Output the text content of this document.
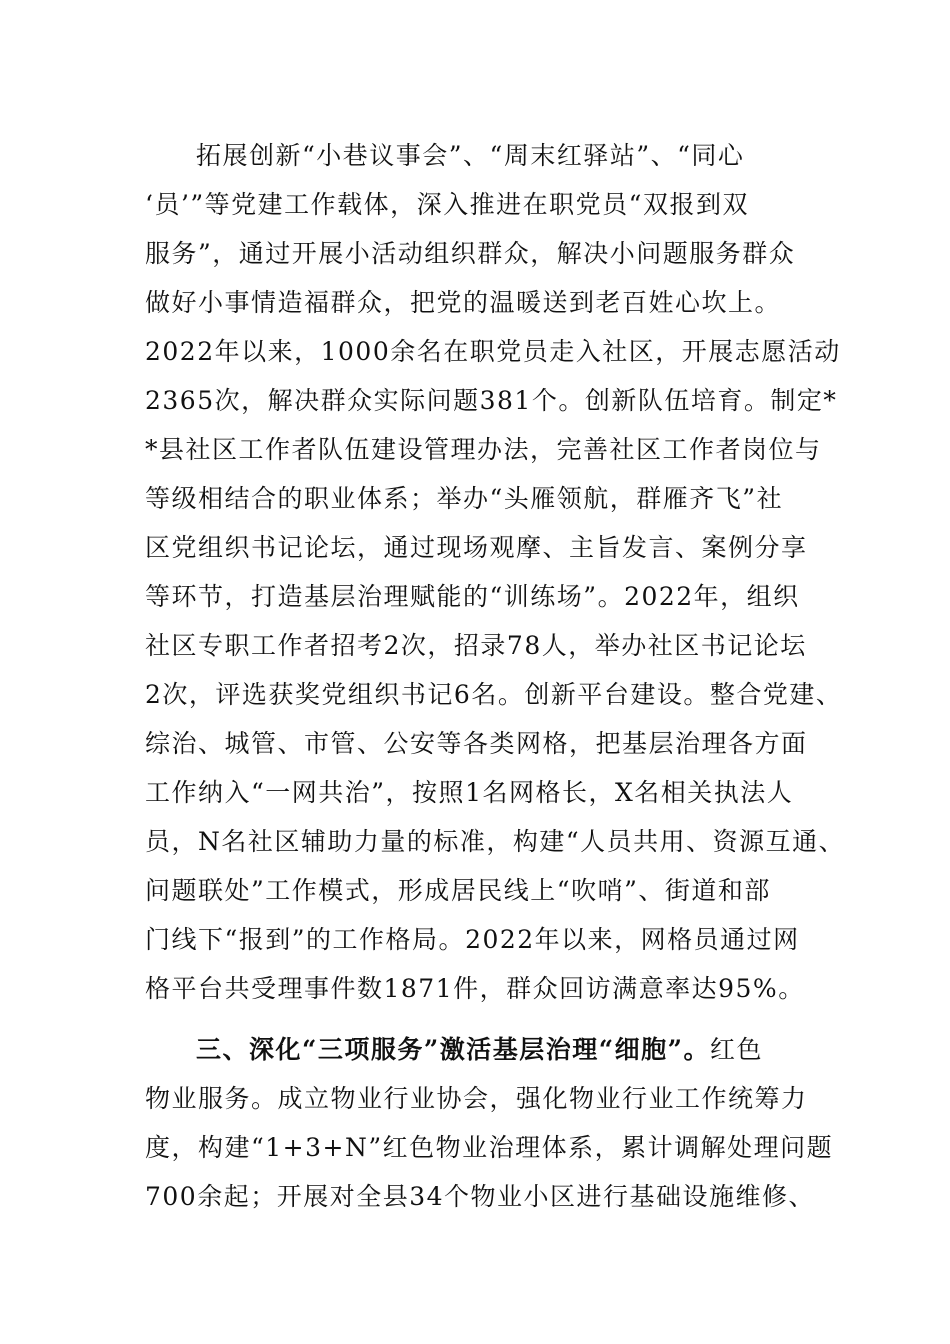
拓展创新“小巷议事会”、“周末红驿站”、“同心
‘员’”等党建工作载体，深入推进在职党员“双报到双
服务”，通过开展小活动组织群众，解决小问题服务群众
做好小事情造福群众，把党的温暖送到老百姓心坎上。
2022年以来，1000余名在职党员走入社区，开展志愿活动
2365次，解决群众实际问题381个。创新队伍培育。制定*
*县社区工作者队伍建设管理办法，完善社区工作者岗位与
等级相结合的职业体系；举办“头雁领航，群雁齐飞”社
区党组织书记论坛，通过现场观摩、主旨发言、案例分享
等环节，打造基层治理赋能的“训练场”。2022年，组织
社区专职工作者招考2次，招录78人，举办社区书记论坛
2次，评选获奖党组织书记6名。创新平台建设。整合党建、
综治、城管、市管、公安等各类网格，把基层治理各方面
工作纳入“一网共治”，按照1名网格长，X名相关执法人
员，N名社区辅助力量的标准，构建“人员共用、资源互通、
问题联处”工作模式，形成居民线上“吹哨”、街道和部
门线下“报到”的工作格局。2022年以来，网格员通过网
格平台共受理事件数1871件，群众回访满意率达95%。
三、深化“三项服务”激活基层治理“细胞”。红色
物业服务。成立物业行业协会，强化物业行业工作统筹力
度，构建“1+3+N”红色物业治理体系，累计调解处理问题
700余起；开展对全县34个物业小区进行基础设施维修、
